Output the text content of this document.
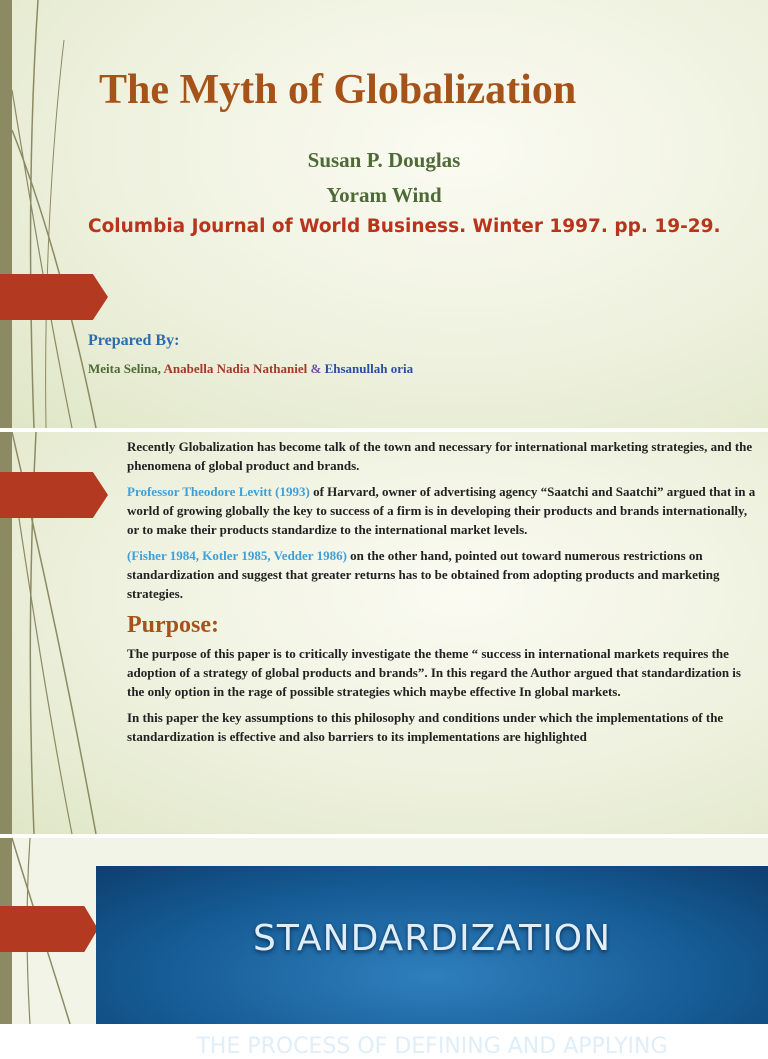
The Myth of Globalization
Susan P. Douglas
Yoram Wind
Columbia Journal of World Business. Winter 1997. pp. 19-29.
Prepared By:
Meita Selina, Anabella Nadia Nathaniel & Ehsanullah oria
Recently Globalization has become talk of the town and necessary for international marketing strategies, and the phenomena of global product and brands.
Professor Theodore Levitt (1993) of Harvard, owner of advertising agency “Saatchi and Saatchi” argued that in a world of growing globally the key to success of a firm is in developing their products and brands internationally, or to make their products standardize to the international market levels.
(Fisher 1984, Kotler 1985, Vedder 1986) on the other hand, pointed out toward numerous restrictions on standardization and suggest that greater returns has to be obtained from adopting products and marketing strategies.
Purpose:
The purpose of this paper is to critically investigate the theme “ success in international markets requires the adoption of a strategy of global products and brands”. In this regard the Author argued that standardization is the only option in the rage of possible strategies which maybe effective In global markets.
In this paper the key assumptions to this philosophy and conditions under which the implementations of the standardization is effective and also barriers to its implementations are highlighted
STANDARDIZATION
THE PROCESS OF DEFINING AND APPLYING
